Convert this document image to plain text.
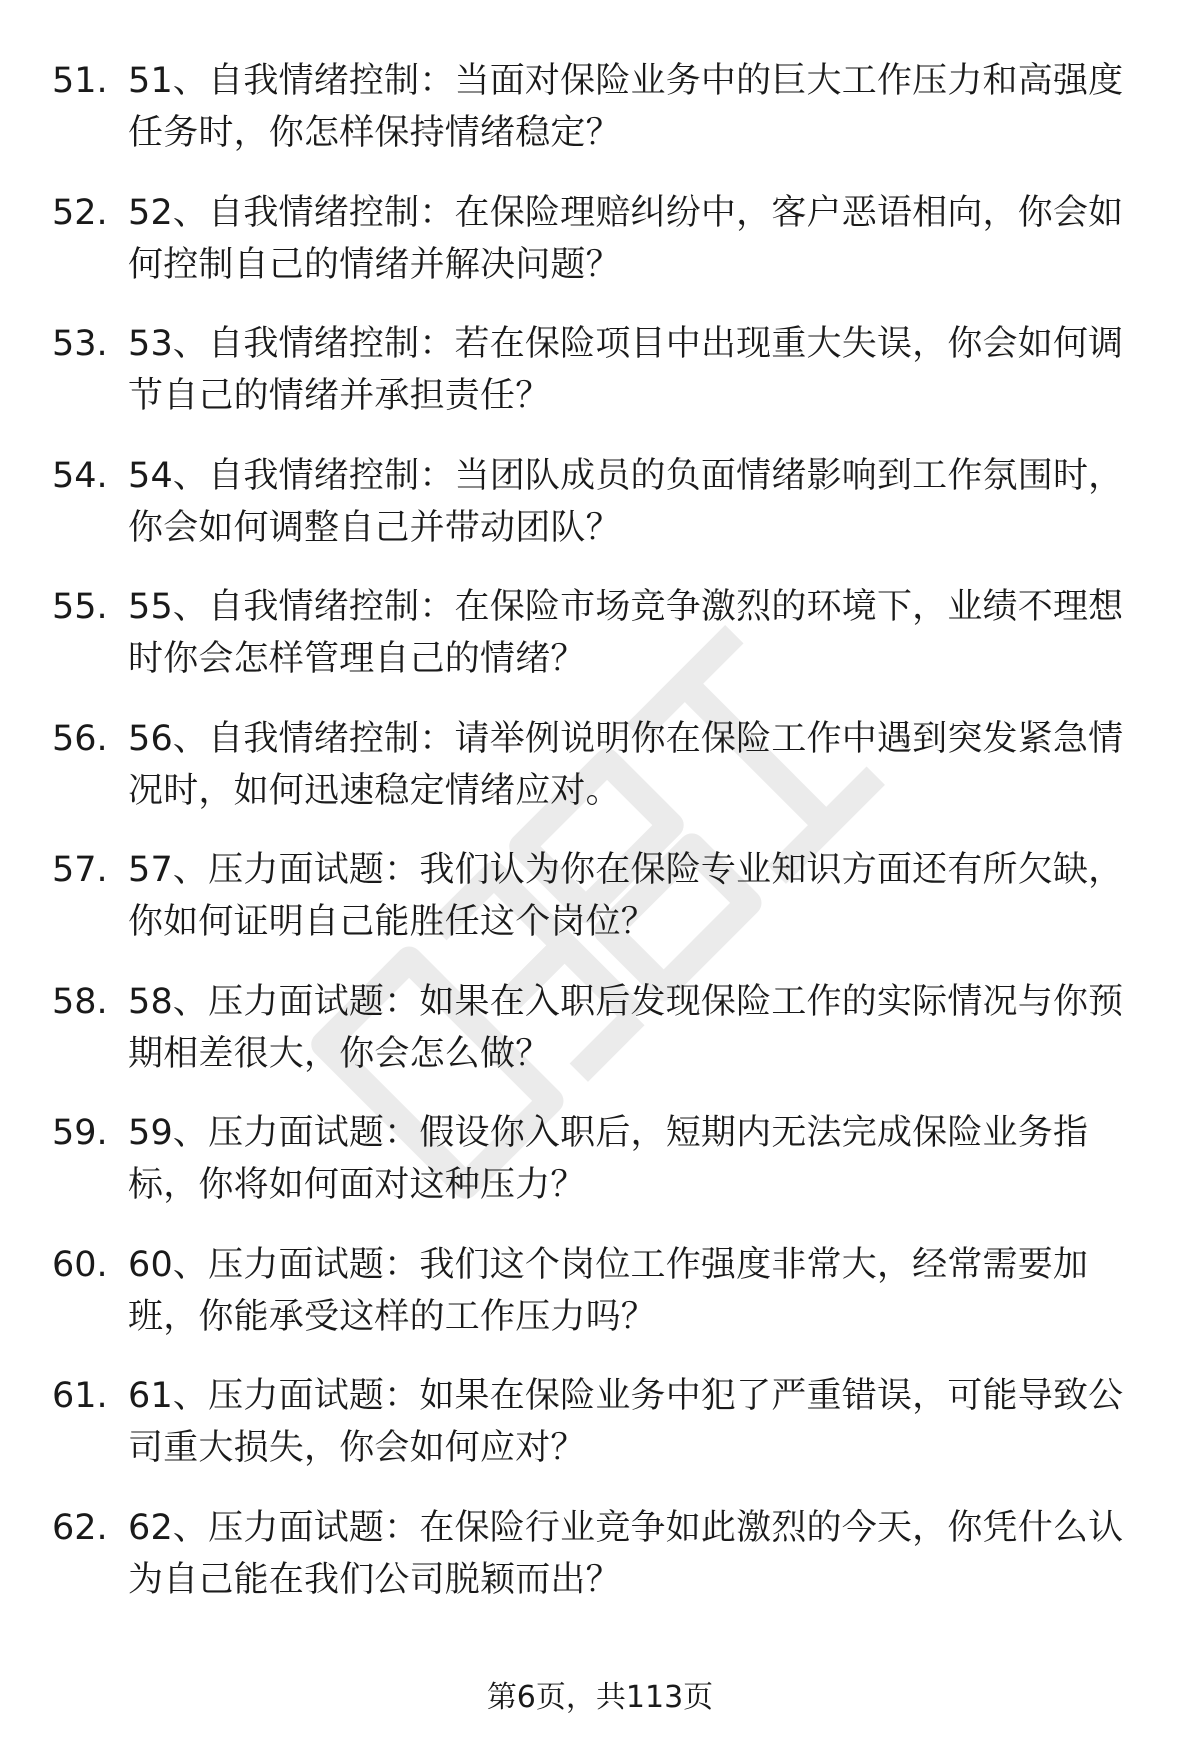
51. 51、自我情绪控制：当面对保险业务中的巨大工作压力和高强度任务时，你怎样保持情绪稳定？
52. 52、自我情绪控制：在保险理赔纠纷中，客户恶语相向，你会如何控制自己的情绪并解决问题？
53. 53、自我情绪控制：若在保险项目中出现重大失误，你会如何调节自己的情绪并承担责任？
54. 54、自我情绪控制：当团队成员的负面情绪影响到工作氛围时，你会如何调整自己并带动团队？
55. 55、自我情绪控制：在保险市场竞争激烈的环境下，业绩不理想时你会怎样管理自己的情绪？
56. 56、自我情绪控制：请举例说明你在保险工作中遇到突发紧急情况时，如何迅速稳定情绪应对。
57. 57、压力面试题：我们认为你在保险专业知识方面还有所欠缺，你如何证明自己能胜任这个岗位？
58. 58、压力面试题：如果在入职后发现保险工作的实际情况与你预期相差很大，你会怎么做？
59. 59、压力面试题：假设你入职后，短期内无法完成保险业务指标，你将如何面对这种压力？
60. 60、压力面试题：我们这个岗位工作强度非常大，经常需要加班，你能承受这样的工作压力吗？
61. 61、压力面试题：如果在保险业务中犯了严重错误，可能导致公司重大损失，你会如何应对？
62. 62、压力面试题：在保险行业竞争如此激烈的今天，你凭什么认为自己能在我们公司脱颖而出？
第6页，共113页
